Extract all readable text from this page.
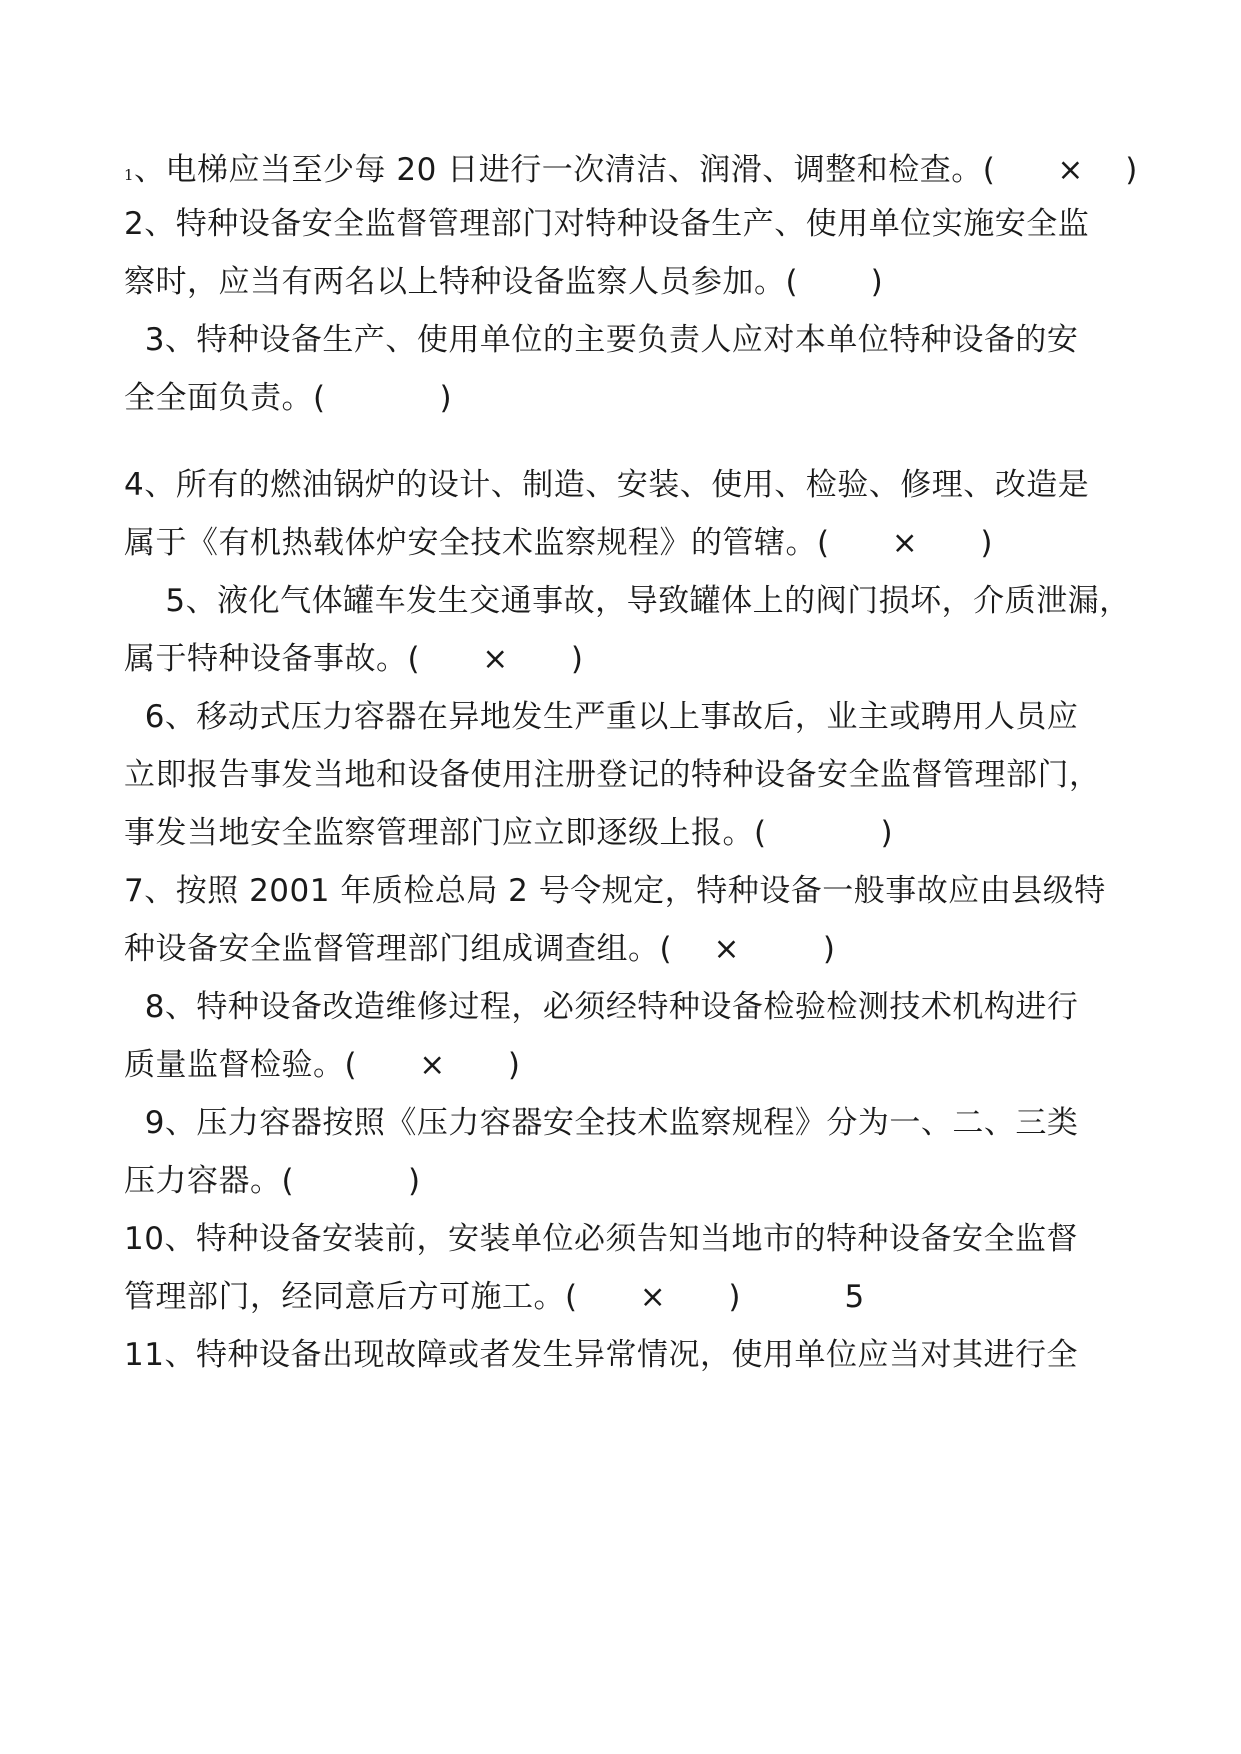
1、电梯应当至少每 20 日进行一次清洁、润滑、调整和检查。(      ×    )
2、特种设备安全监督管理部门对特种设备生产、使用单位实施安全监
察时，应当有两名以上特种设备监察人员参加。(       )
3、特种设备生产、使用单位的主要负责人应对本单位特种设备的安
全全面负责。(           )
4、所有的燃油锅炉的设计、制造、安装、使用、检验、修理、改造是
属于《有机热载体炉安全技术监察规程》的管辖。(      ×      )
5、液化气体罐车发生交通事故，导致罐体上的阀门损坏，介质泄漏，
属于特种设备事故。(      ×      )
6、移动式压力容器在异地发生严重以上事故后，业主或聘用人员应
立即报告事发当地和设备使用注册登记的特种设备安全监督管理部门，
事发当地安全监察管理部门应立即逐级上报。(           )
7、按照 2001 年质检总局 2 号令规定，特种设备一般事故应由县级特
种设备安全监督管理部门组成调查组。(    ×        )
8、特种设备改造维修过程，必须经特种设备检验检测技术机构进行
质量监督检验。(      ×      )
9、压力容器按照《压力容器安全技术监察规程》分为一、二、三类
压力容器。(           )
10、特种设备安装前，安装单位必须告知当地市的特种设备安全监督
管理部门，经同意后方可施工。(      ×      )          5
11、特种设备出现故障或者发生异常情况，使用单位应当对其进行全
